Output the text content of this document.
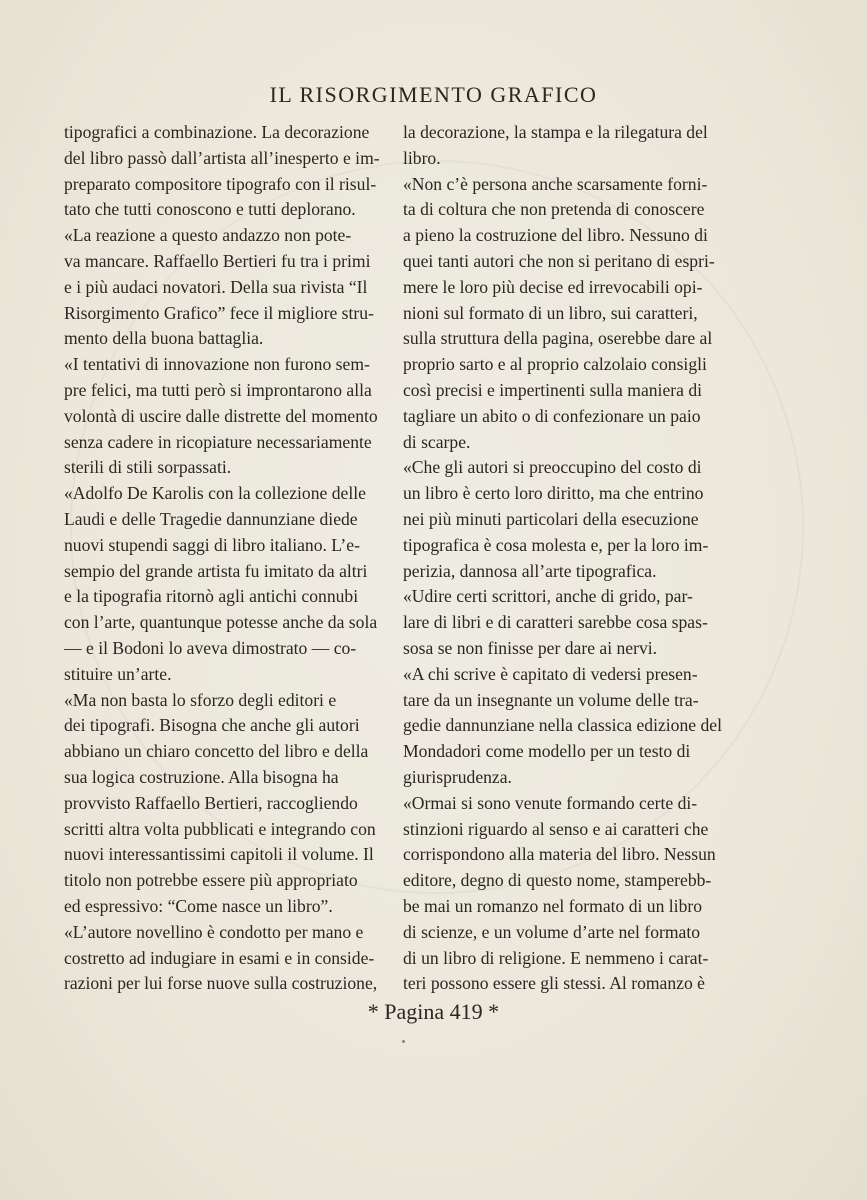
IL RISORGIMENTO GRAFICO
tipografici a combinazione. La decorazione
del libro passò dall’artista all’inesperto e im-
preparato compositore tipografo con il risul-
tato che tutti conoscono e tutti deplorano.
«La reazione a questo andazzo non pote-
va mancare. Raffaello Bertieri fu tra i primi
e i più audaci novatori. Della sua rivista “Il
Risorgimento Grafico” fece il migliore stru-
mento della buona battaglia.
«I tentativi di innovazione non furono sem-
pre felici, ma tutti però si improntarono alla
volontà di uscire dalle distrette del momento
senza cadere in ricopiature necessariamente
sterili di stili sorpassati.
«Adolfo De Karolis con la collezione delle
Laudi e delle Tragedie dannunziane diede
nuovi stupendi saggi di libro italiano. L’e-
sempio del grande artista fu imitato da altri
e la tipografia ritornò agli antichi connubi
con l’arte, quantunque potesse anche da sola
— e il Bodoni lo aveva dimostrato — co-
stituire un’arte.
«Ma non basta lo sforzo degli editori e
dei tipografi. Bisogna che anche gli autori
abbiano un chiaro concetto del libro e della
sua logica costruzione. Alla bisogna ha
provvisto Raffaello Bertieri, raccogliendo
scritti altra volta pubblicati e integrando con
nuovi interessantissimi capitoli il volume. Il
titolo non potrebbe essere più appropriato
ed espressivo: “Come nasce un libro”.
«L’autore novellino è condotto per mano e
costretto ad indugiare in esami e in conside-
razioni per lui forse nuove sulla costruzione,
la decorazione, la stampa e la rilegatura del
libro.
«Non c’è persona anche scarsamente forni-
ta di coltura che non pretenda di conoscere
a pieno la costruzione del libro. Nessuno di
quei tanti autori che non si peritano di espri-
mere le loro più decise ed irrevocabili opi-
nioni sul formato di un libro, sui caratteri,
sulla struttura della pagina, oserebbe dare al
proprio sarto e al proprio calzolaio consigli
così precisi e impertinenti sulla maniera di
tagliare un abito o di confezionare un paio
di scarpe.
«Che gli autori si preoccupino del costo di
un libro è certo loro diritto, ma che entrino
nei più minuti particolari della esecuzione
tipografica è cosa molesta e, per la loro im-
perizia, dannosa all’arte tipografica.
«Udire certi scrittori, anche di grido, par-
lare di libri e di caratteri sarebbe cosa spas-
sosa se non finisse per dare ai nervi.
«A chi scrive è capitato di vedersi presen-
tare da un insegnante un volume delle tra-
gedie dannunziane nella classica edizione del
Mondadori come modello per un testo di
giurisprudenza.
«Ormai si sono venute formando certe di-
stinzioni riguardo al senso e ai caratteri che
corrispondono alla materia del libro. Nessun
editore, degno di questo nome, stamperebb-
be mai un romanzo nel formato di un libro
di scienze, e un volume d’arte nel formato
di un libro di religione. E nemmeno i carat-
teri possono essere gli stessi. Al romanzo è
* Pagina 419 *
